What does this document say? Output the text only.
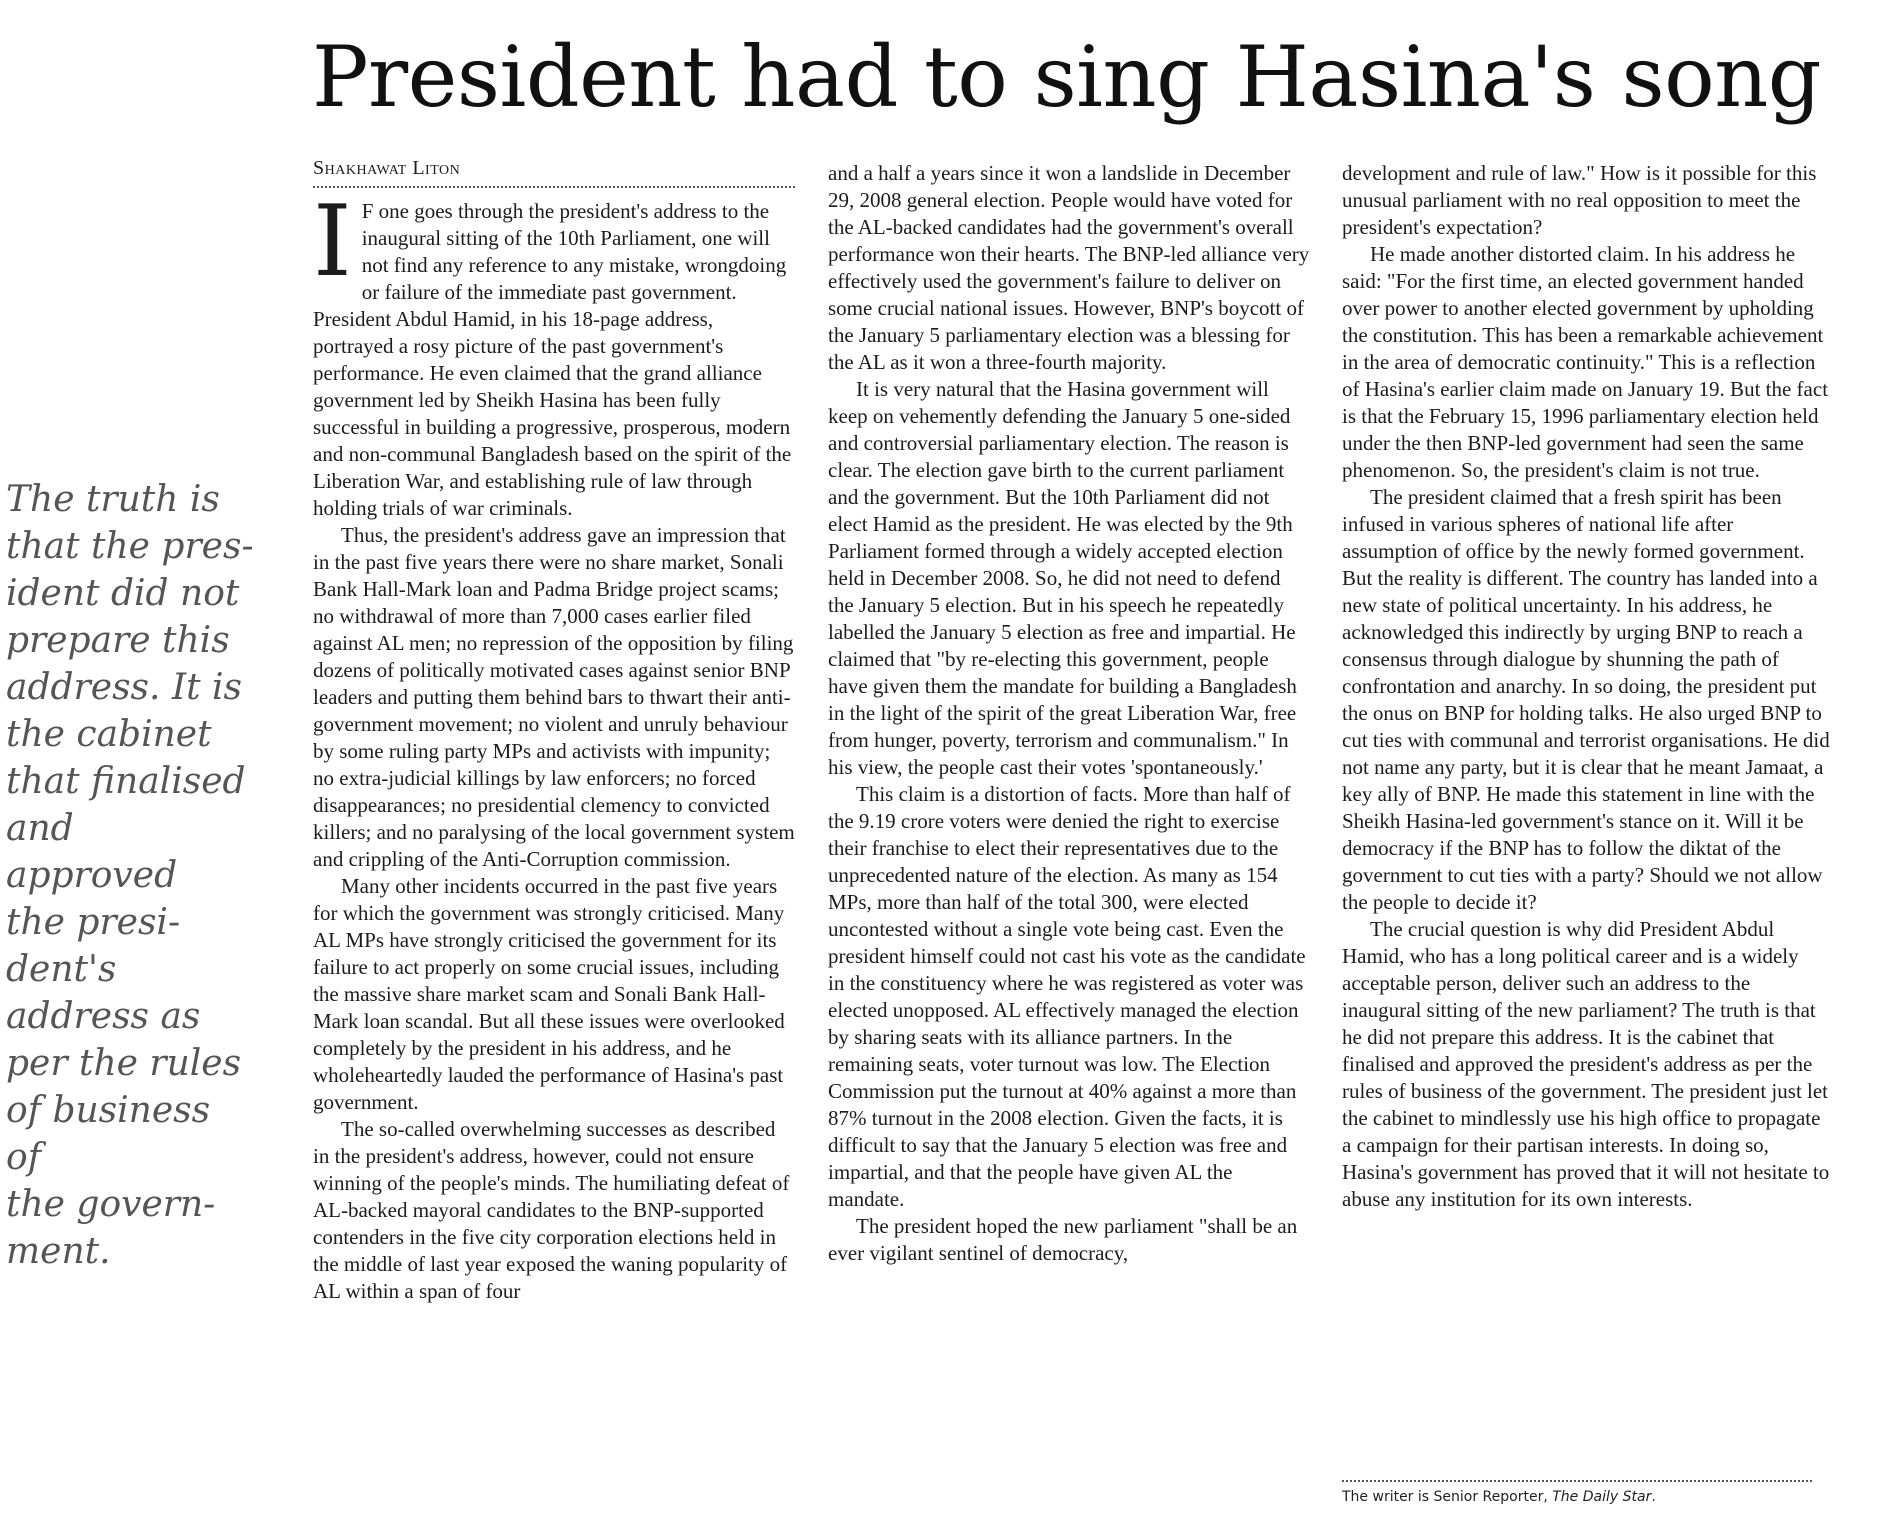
President had to sing Hasina's song
The truth is
that the pres-
ident did not
prepare this
address. It is
the cabinet
that finalised
and approved
the presi-
dent's
address as
per the rules
of business of
the govern-
ment.
Shakhawat Liton

I F one goes through the president's address to the inaugural sitting of the 10th Parliament, one will not find any reference to any mistake, wrongdoing or failure of the immediate past government. President Abdul Hamid, in his 18-page address, portrayed a rosy picture of the past government's performance. He even claimed that the grand alliance government led by Sheikh Hasina has been fully successful in building a progressive, prosperous, modern and non-communal Bangladesh based on the spirit of the Liberation War, and establishing rule of law through holding trials of war criminals.

Thus, the president's address gave an impression that in the past five years there were no share market, Sonali Bank Hall-Mark loan and Padma Bridge project scams; no withdrawal of more than 7,000 cases earlier filed against AL men; no repression of the opposition by filing dozens of politically motivated cases against senior BNP leaders and putting them behind bars to thwart their anti-government movement; no violent and unruly behaviour by some ruling party MPs and activists with impunity; no extra-judicial killings by law enforcers; no forced disappearances; no presidential clemency to convicted killers; and no paralysing of the local government system and crippling of the Anti-Corruption commission.

Many other incidents occurred in the past five years for which the government was strongly criticised. Many AL MPs have strongly criticised the government for its failure to act properly on some crucial issues, including the massive share market scam and Sonali Bank Hall-Mark loan scandal. But all these issues were overlooked completely by the president in his address, and he wholeheartedly lauded the performance of Hasina's past government.

The so-called overwhelming successes as described in the president's address, however, could not ensure winning of the people's minds. The humiliating defeat of AL-backed mayoral candidates to the BNP-supported contenders in the five city corporation elections held in the middle of last year exposed the waning popularity of AL within a span of four

and a half a years since it won a landslide in December 29, 2008 general election. People would have voted for the AL-backed candidates had the government's overall performance won their hearts. The BNP-led alliance very effectively used the government's failure to deliver on some crucial national issues. However, BNP's boycott of the January 5 parliamentary election was a blessing for the AL as it won a three-fourth majority.

It is very natural that the Hasina government will keep on vehemently defending the January 5 one-sided and controversial parliamentary election. The reason is clear. The election gave birth to the current parliament and the government. But the 10th Parliament did not elect Hamid as the president. He was elected by the 9th Parliament formed through a widely accepted election held in December 2008. So, he did not need to defend the January 5 election. But in his speech he repeatedly labelled the January 5 election as free and impartial. He claimed that "by re-electing this government, people have given them the mandate for building a Bangladesh in the light of the spirit of the great Liberation War, free from hunger, poverty, terrorism and communalism." In his view, the people cast their votes 'spontaneously.'

This claim is a distortion of facts. More than half of the 9.19 crore voters were denied the right to exercise their franchise to elect their representatives due to the unprecedented nature of the election. As many as 154 MPs, more than half of the total 300, were elected uncontested without a single vote being cast. Even the president himself could not cast his vote as the candidate in the constituency where he was registered as voter was elected unopposed. AL effectively managed the election by sharing seats with its alliance partners. In the remaining seats, voter turnout was low. The Election Commission put the turnout at 40% against a more than 87% turnout in the 2008 election. Given the facts, it is difficult to say that the January 5 election was free and impartial, and that the people have given AL the mandate.

The president hoped the new parliament "shall be an ever vigilant sentinel of democracy,

development and rule of law." How is it possible for this unusual parliament with no real opposition to meet the president's expectation?

He made another distorted claim. In his address he said: "For the first time, an elected government handed over power to another elected government by upholding the constitution. This has been a remarkable achievement in the area of democratic continuity." This is a reflection of Hasina's earlier claim made on January 19. But the fact is that the February 15, 1996 parliamentary election held under the then BNP-led government had seen the same phenomenon. So, the president's claim is not true.

The president claimed that a fresh spirit has been infused in various spheres of national life after assumption of office by the newly formed government. But the reality is different. The country has landed into a new state of political uncertainty. In his address, he acknowledged this indirectly by urging BNP to reach a consensus through dialogue by shunning the path of confrontation and anarchy. In so doing, the president put the onus on BNP for holding talks. He also urged BNP to cut ties with communal and terrorist organisations. He did not name any party, but it is clear that he meant Jamaat, a key ally of BNP. He made this statement in line with the Sheikh Hasina-led government's stance on it. Will it be democracy if the BNP has to follow the diktat of the government to cut ties with a party? Should we not allow the people to decide it?

The crucial question is why did President Abdul Hamid, who has a long political career and is a widely acceptable person, deliver such an address to the inaugural sitting of the new parliament? The truth is that he did not prepare this address. It is the cabinet that finalised and approved the president's address as per the rules of business of the government. The president just let the cabinet to mindlessly use his high office to propagate a campaign for their partisan interests. In doing so, Hasina's government has proved that it will not hesitate to abuse any institution for its own interests.

The writer is Senior Reporter, The Daily Star.
